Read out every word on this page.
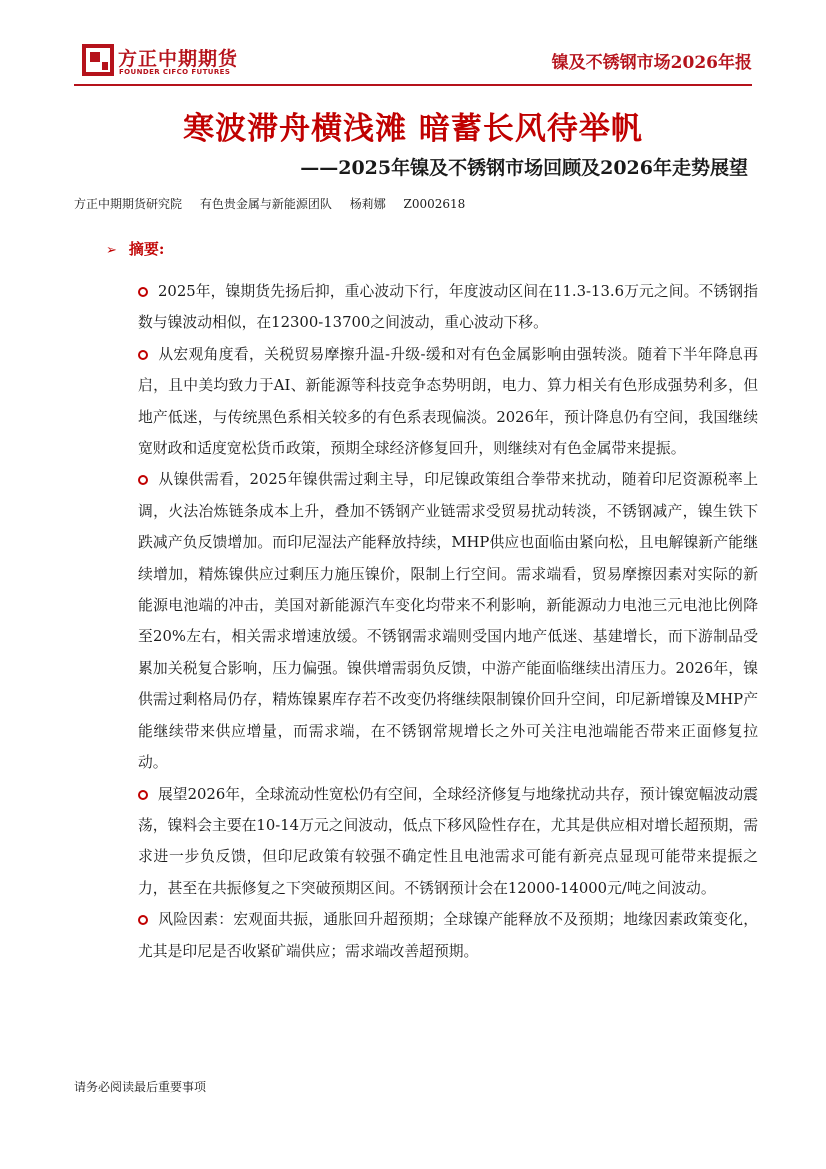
方正中期期货
FOUNDER CIFCO FUTURES	镍及不锈钢市场2026年报
寒波滞舟横浅滩 暗蓄长风待举帆
——2025年镍及不锈钢市场回顾及2026年走势展望
方正中期期货研究院 有色贵金属与新能源团队 杨莉娜 Z0002618
➢ 摘要:

2025年，镍期货先扬后抑，重心波动下行，年度波动区间在11.3-13.6万元之间。不锈钢指数与镍波动相似，在12300-13700之间波动，重心波动下移。

从宏观角度看，关税贸易摩擦升温-升级-缓和对有色金属影响由强转淡。随着下半年降息再启，且中美均致力于AI、新能源等科技竞争态势明朗，电力、算力相关有色形成强势利多，但地产低迷，与传统黑色系相关较多的有色系表现偏淡。2026年，预计降息仍有空间，我国继续宽财政和适度宽松货币政策，预期全球经济修复回升，则继续对有色金属带来提振。

从镍供需看，2025年镍供需过剩主导，印尼镍政策组合拳带来扰动，随着印尼资源税率上调，火法冶炼链条成本上升，叠加不锈钢产业链需求受贸易扰动转淡，不锈钢减产，镍生铁下跌减产负反馈增加。而印尼湿法产能释放持续，MHP供应也面临由紧向松，且电解镍新产能继续增加，精炼镍供应过剩压力施压镍价，限制上行空间。需求端看，贸易摩擦因素对实际的新能源电池端的冲击，美国对新能源汽车变化均带来不利影响，新能源动力电池三元电池比例降至20%左右，相关需求增速放缓。不锈钢需求端则受国内地产低迷、基建增长，而下游制品受累加关税复合影响，压力偏强。镍供增需弱负反馈，中游产能面临继续出清压力。2026年，镍供需过剩格局仍存，精炼镍累库存若不改变仍将继续限制镍价回升空间，印尼新增镍及MHP产能继续带来供应增量，而需求端，在不锈钢常规增长之外可关注电池端能否带来正面修复拉动。

展望2026年，全球流动性宽松仍有空间，全球经济修复与地缘扰动共存，预计镍宽幅波动震荡，镍料会主要在10-14万元之间波动，低点下移风险性存在，尤其是供应相对增长超预期，需求进一步负反馈，但印尼政策有较强不确定性且电池需求可能有新亮点显现可能带来提振之力，甚至在共振修复之下突破预期区间。不锈钢预计会在12000-14000元/吨之间波动。

风险因素：宏观面共振，通胀回升超预期；全球镍产能释放不及预期；地缘因素政策变化，尤其是印尼是否收紧矿端供应；需求端改善超预期。

请务必阅读最后重要事项
